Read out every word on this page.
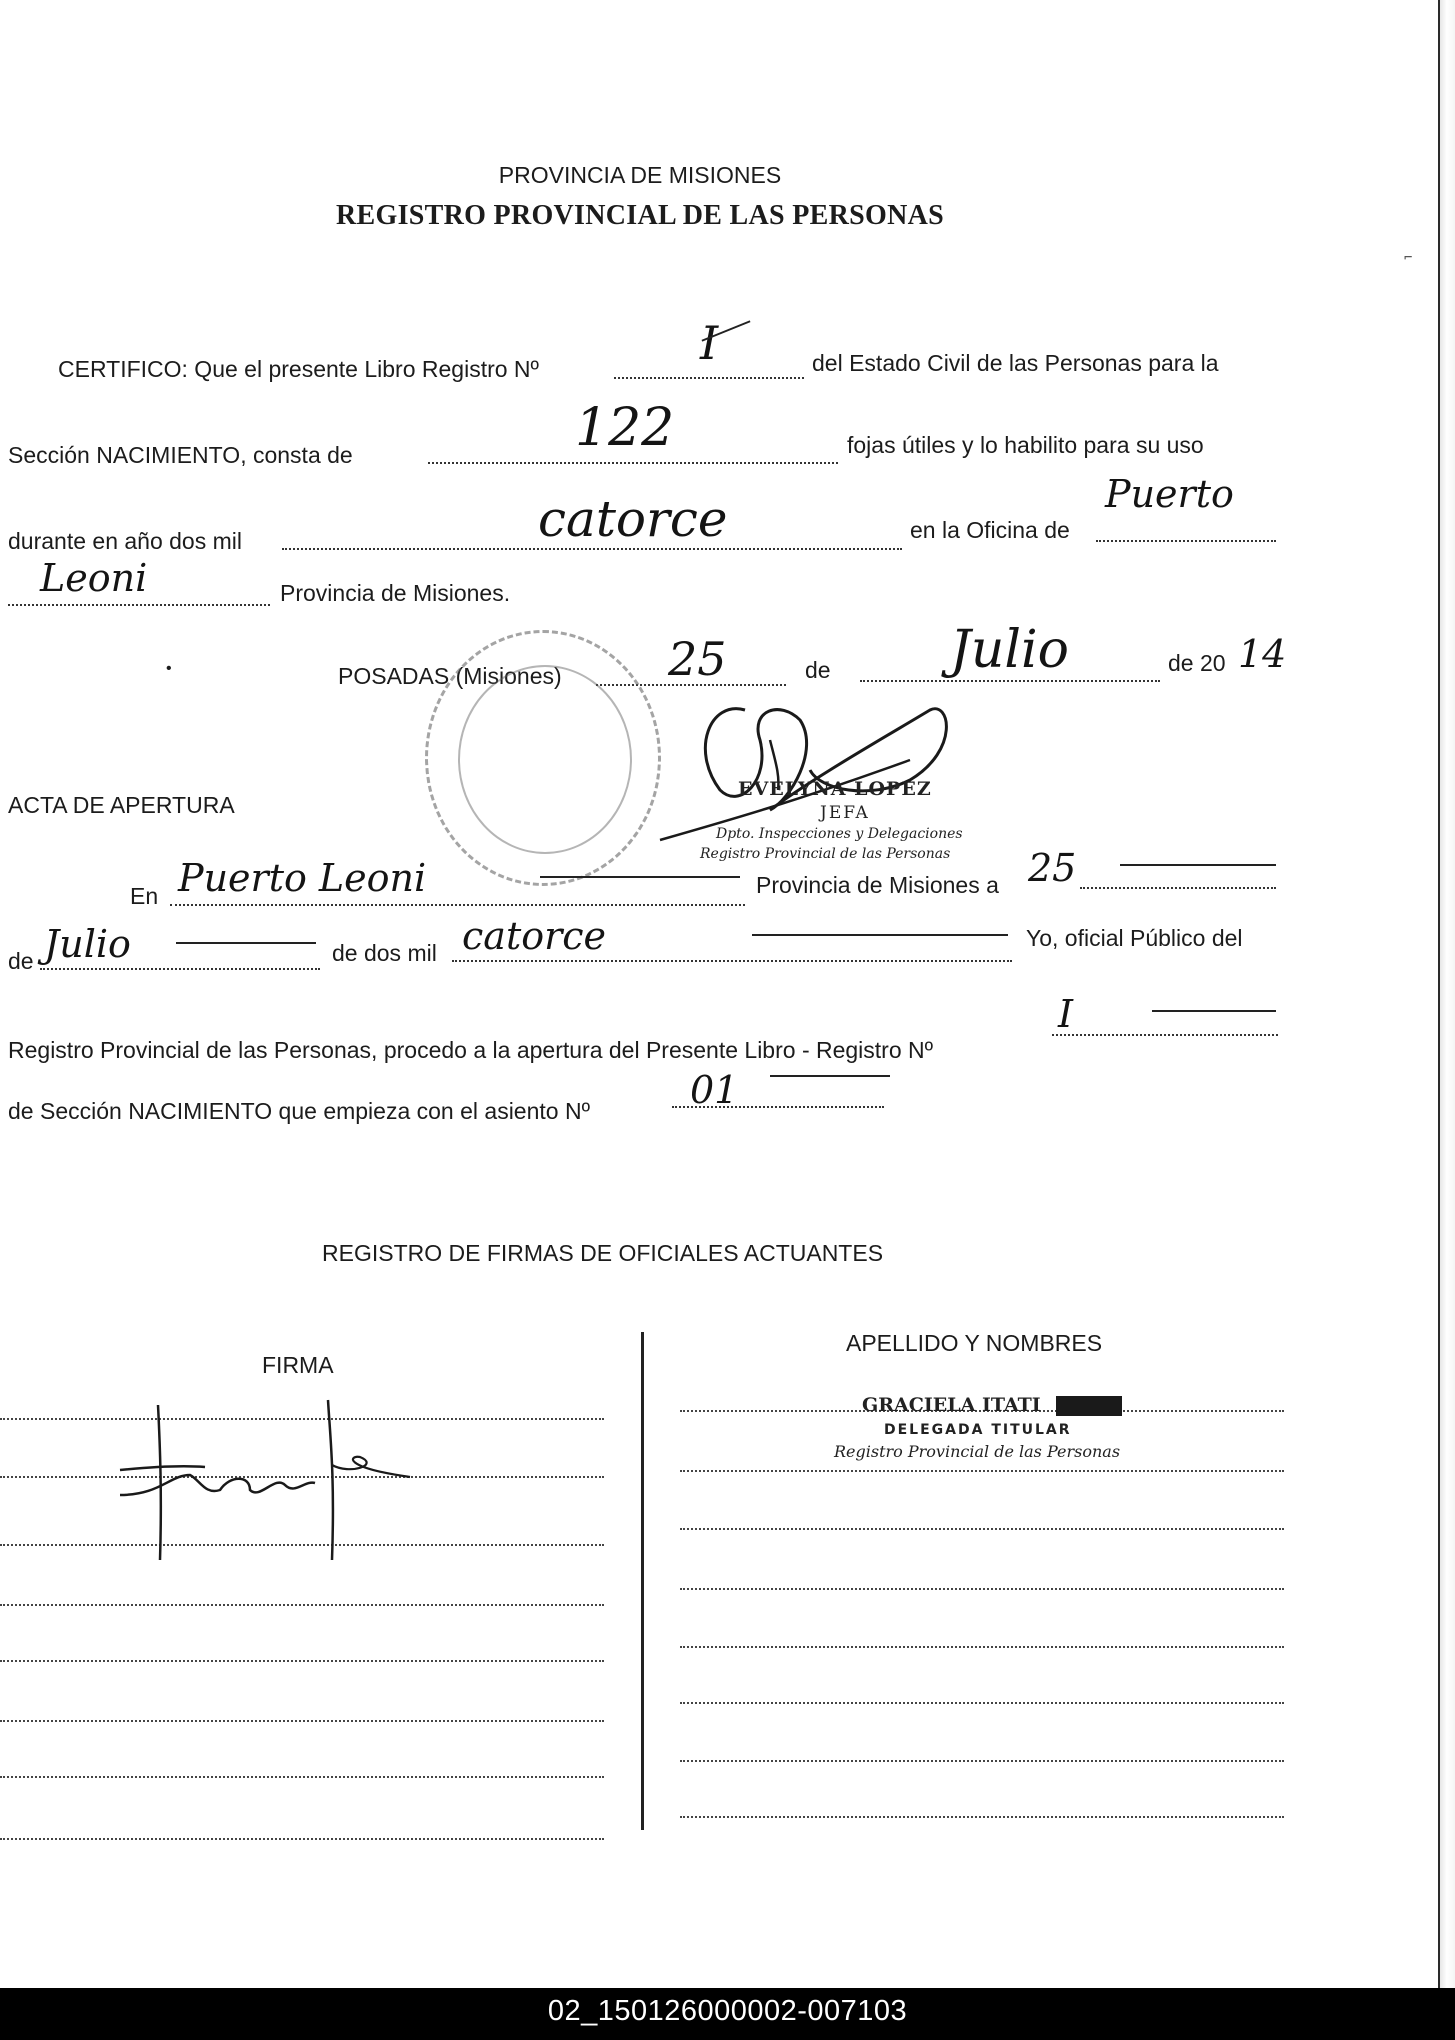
⌐
PROVINCIA DE MISIONES
REGISTRO PROVINCIAL DE LAS PERSONAS
CERTIFICO: Que el presente Libro Registro Nº	I	del Estado Civil de las Personas para la
Sección NACIMIENTO, consta de	122	fojas útiles y lo habilito para su uso
durante en año dos mil	catorce	en la Oficina de
Puerto
Leoni	Provincia de Misiones.
POSADAS (Misiones) 25	de Julio	de 20 14
•
EVELYNA LOPEZ
JEFA
Dpto. Inspecciones y Delegaciones
Registro Provincial de las Personas
ACTA DE APERTURA
En Puerto Leoni	Provincia de Misiones a 25
de Julio	de dos mil catorce	Yo, oficial Público del
Registro Provincial de las Personas, procedo a la apertura del Presente Libro - Registro Nº
I
de Sección NACIMIENTO que empieza con el asiento Nº	01
REGISTRO DE FIRMAS DE OFICIALES ACTUANTES
FIRMA
APELLIDO Y NOMBRES
GRACIELA ITATI
DELEGADA TITULAR
Registro Provincial de las Personas
02_150126000002-007103
